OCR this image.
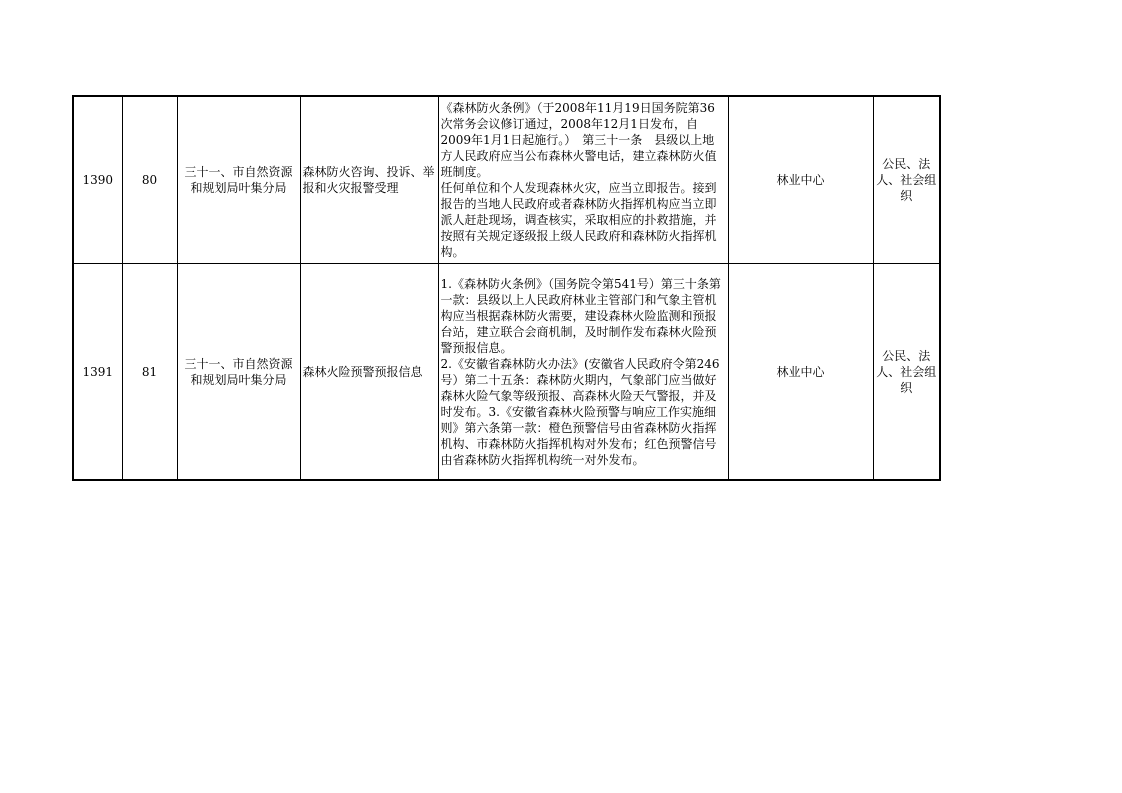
1390	80	三十一、市自然资源和规划局叶集分局	森林防火咨询、投诉、举报和火灾报警受理	《森林防火条例》（于2008年11月19日国务院第36次常务会议修订通过，2008年12月1日发布，自2009年1月1日起施行。）　第三十一条　县级以上地方人民政府应当公布森林火警电话，建立森林防火值班制度。
任何单位和个人发现森林火灾，应当立即报告。接到报告的当地人民政府或者森林防火指挥机构应当立即派人赶赴现场，调查核实，采取相应的扑救措施，并按照有关规定逐级报上级人民政府和森林防火指挥机构。	林业中心	公民、法人、社会组织
1391	81	三十一、市自然资源和规划局叶集分局	森林火险预警预报信息	1.《森林防火条例》（国务院令第541号）第三十条第一款：县级以上人民政府林业主管部门和气象主管机构应当根据森林防火需要，建设森林火险监测和预报台站，建立联合会商机制，及时制作发布森林火险预警预报信息。
2.《安徽省森林防火办法》(安徽省人民政府令第246号）第二十五条：森林防火期内，气象部门应当做好森林火险气象等级预报、高森林火险天气警报，并及时发布。3.《安徽省森林火险预警与响应工作实施细则》第六条第一款：橙色预警信号由省森林防火指挥机构、市森林防火指挥机构对外发布；红色预警信号由省森林防火指挥机构统一对外发布。	林业中心	公民、法人、社会组织
